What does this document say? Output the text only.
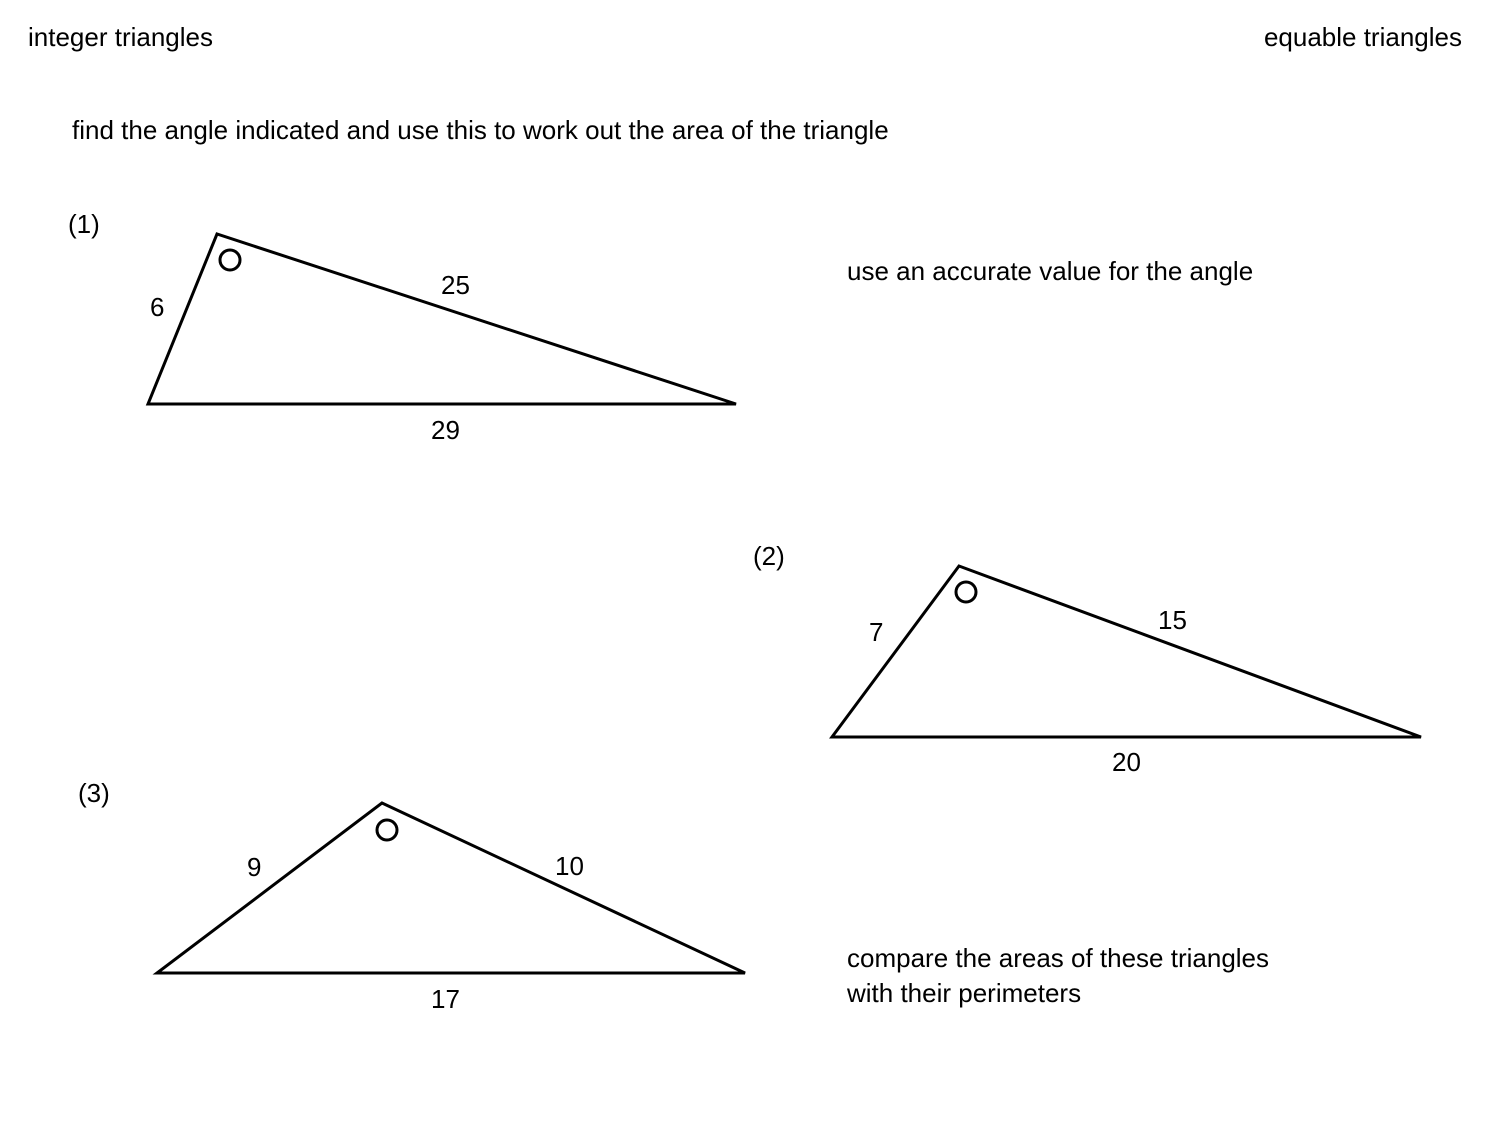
integer triangles	equable triangles
find the angle indicated and use this to work out the area of the triangle
use an accurate value for the angle
compare the areas of these triangles
with their perimeters
(1)
6
25
29
(2)
7	15
20
(3)
9	10
17
